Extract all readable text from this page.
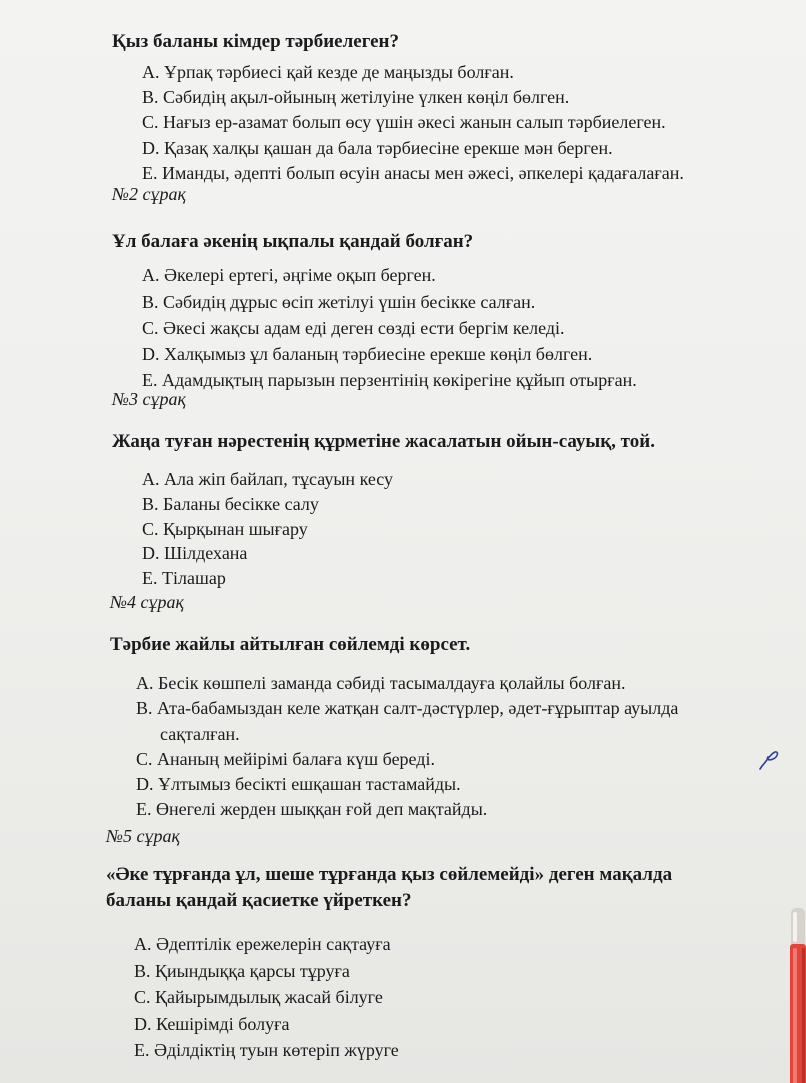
Қыз баланы кімдер тәрбиелеген?
A. Ұрпақ тәрбиесі қай кезде де маңызды болған.
B. Сәбидің ақыл-ойының жетілуіне үлкен көңіл бөлген.
C. Нағыз ер-азамат болып өсу үшін әкесі жанын салып тәрбиелеген.
D. Қазақ халқы қашан да бала тәрбиесіне ерекше мән берген.
E. Иманды, әдепті болып өсуін анасы мен әжесі, әпкелері қадағалаған.
№2 сұрақ
Ұл балаға әкенің ықпалы қандай болған?
A. Әкелері ертегі, әңгіме оқып берген.
B. Сәбидің дұрыс өсіп жетілуі үшін бесікке салған.
C. Әкесі жақсы адам еді деген сөзді ести бергім келеді.
D. Халқымыз ұл баланың тәрбиесіне ерекше көңіл бөлген.
E. Адамдықтың парызын перзентінің көкірегіне құйып отырған.
№3 сұрақ
Жаңа туған нәрестенің құрметіне жасалатын ойын-сауық, той.
A. Ала жіп байлап, тұсауын кесу
B. Баланы бесікке салу
C. Қырқынан шығару
D. Шілдехана
E. Тілашар
№4 сұрақ
Тәрбие жайлы айтылған сөйлемді көрсет.
A. Бесік көшпелі заманда сәбиді тасымалдауға қолайлы болған.
B. Ата-бабамыздан келе жатқан салт-дәстүрлер, әдет-ғұрыптар ауылда
сақталған.
C. Ананың мейірімі балаға күш береді.
D. Ұлтымыз бесікті ешқашан тастамайды.
E. Өнегелі жерден шыққан ғой деп мақтайды.
№5 сұрақ
«Әке тұрғанда ұл, шеше тұрғанда қыз сөйлемейді» деген мақалда
баланы қандай қасиетке үйреткен?
A. Әдептілік ережелерін сақтауға
B. Қиындыққа қарсы тұруға
C. Қайырымдылық жасай білуге
D. Кешірімді болуға
E. Әділдіктің туын көтеріп жүруге
